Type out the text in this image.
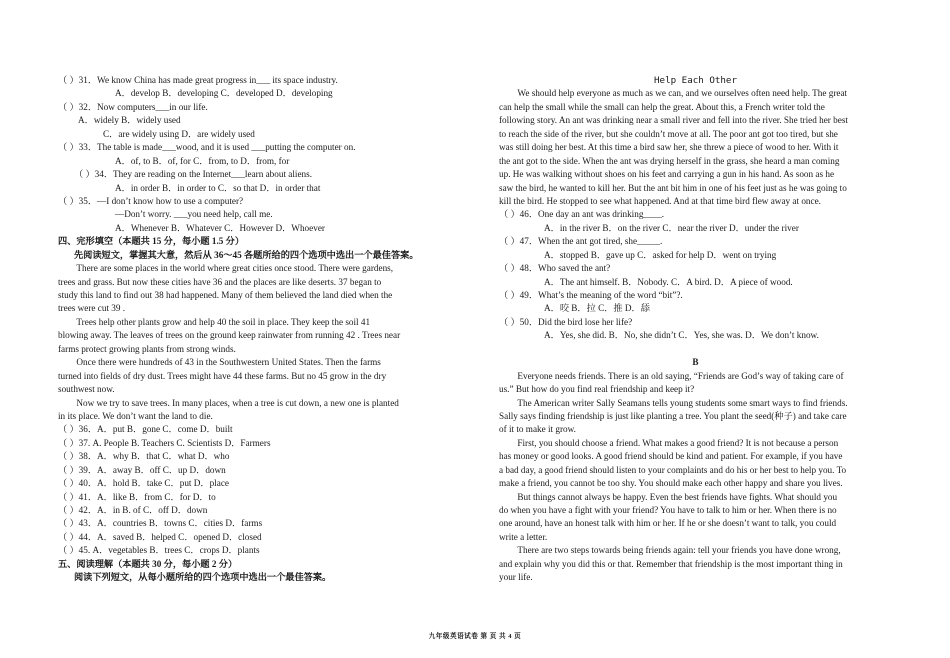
（ ）31．We know China has made great progress in___ its space industry.
A．develop B．developing C．developed D．developing
（ ）32．Now computers___in our life.
A．widely B．widely used
C．are widely using D．are widely used
（ ）33．The table is made___wood, and it is used ___putting the computer on.
A．of, to B．of, for C．from, to D．from, for
（ ）34．They are reading on the Internet___learn about aliens.
A．in order B．in order to C．so that D．in order that
（ ）35．—I don’t know how to use a computer?
—Don’t worry. ___you need help, call me.
A．Whenever B．Whatever C．However D．Whoever
四、完形填空（本题共 15 分，每小题 1.5 分）
先阅读短文，掌握其大意，然后从 36～45 各题所给的四个选项中选出一个最佳答案。
There are some places in the world where great cities once stood. There were gardens,
trees and grass. But now these cities have 36 and the places are like deserts. 37 began to
study this land to find out 38 had happened. Many of them believed the land died when the
trees were cut 39 .
Trees help other plants grow and help 40 the soil in place. They keep the soil 41
blowing away. The leaves of trees on the ground keep rainwater from running 42 . Trees near
farms protect growing plants from strong winds.
Once there were hundreds of 43 in the Southwestern United States. Then the farms
turned into fields of dry dust. Trees might have 44 these farms. But no 45 grow in the dry
southwest now.
Now we try to save trees. In many places, when a tree is cut down, a new one is planted
in its place. We don’t want the land to die.
（ ）36．A．put B．gone C．come D．built
（ ）37. A. People B. Teachers C. Scientists D．Farmers
（ ）38．A．why B．that C．what D．who
（ ）39．A．away B．off C．up D．down
（ ）40．A．hold B．take C．put D．place
（ ）41．A．like B．from C．for D．to
（ ）42．A．in B. of C．off D．down
（ ）43．A．countries B．towns C．cities D．farms
（ ）44．A．saved B．helped C．opened D．closed
（ ）45. A．vegetables B．trees C．crops D．plants
五、阅读理解（本题共 30 分，每小题 2 分）
阅读下列短文，从每小题所给的四个选项中选出一个最佳答案。
Help Each Other
We should help everyone as much as we can, and we ourselves often need help. The great
can help the small while the small can help the great. About this, a French writer told the
following story. An ant was drinking near a small river and fell into the river. She tried her best
to reach the side of the river, but she couldn’t move at all. The poor ant got too tired, but she
was still doing her best. At this time a bird saw her, she threw a piece of wood to her. With it
the ant got to the side. When the ant was drying herself in the grass, she heard a man coming
up. He was walking without shoes on his feet and carrying a gun in his hand. As soon as he
saw the bird, he wanted to kill her. But the ant bit him in one of his feet just as he was going to
kill the bird. He stopped to see what happened. And at that time bird flew away at once.
（ ）46．One day an ant was drinking____.
A．in the river B．on the river C．near the river D．under the river
（ ）47．When the ant got tired, she_____.
A．stopped B．gave up C．asked for help D．went on trying
（ ）48．Who saved the ant?
A．The ant himself. B．Nobody. C．A bird. D．A piece of wood.
（ ）49．What’s the meaning of the word “bit”?.
A．咬 B．拉 C．推 D．舔
（ ）50．Did the bird lose her life?
A．Yes, she did. B．No, she didn’t C．Yes, she was. D．We don’t know.
B
Everyone needs friends. There is an old saying, “Friends are God’s way of taking care of
us.” But how do you find real friendship and keep it?
The American writer Sally Seamans tells young students some smart ways to find friends.
Sally says finding friendship is just like planting a tree. You plant the seed(种子) and take care
of it to make it grow.
First, you should choose a friend. What makes a good friend? It is not because a person
has money or good looks. A good friend should be kind and patient. For example, if you have
a bad day, a good friend should listen to your complaints and do his or her best to help you. To
make a friend, you cannot be too shy. You should make each other happy and share you lives.
But things cannot always be happy. Even the best friends have fights. What should you
do when you have a fight with your friend? You have to talk to him or her. When there is no
one around, have an honest talk with him or her. If he or she doesn’t want to talk, you could
write a letter.
There are two steps towards being friends again: tell your friends you have done wrong,
and explain why you did this or that. Remember that friendship is the most important thing in
your life.
九年级英语试卷 第 页 共 4 页
